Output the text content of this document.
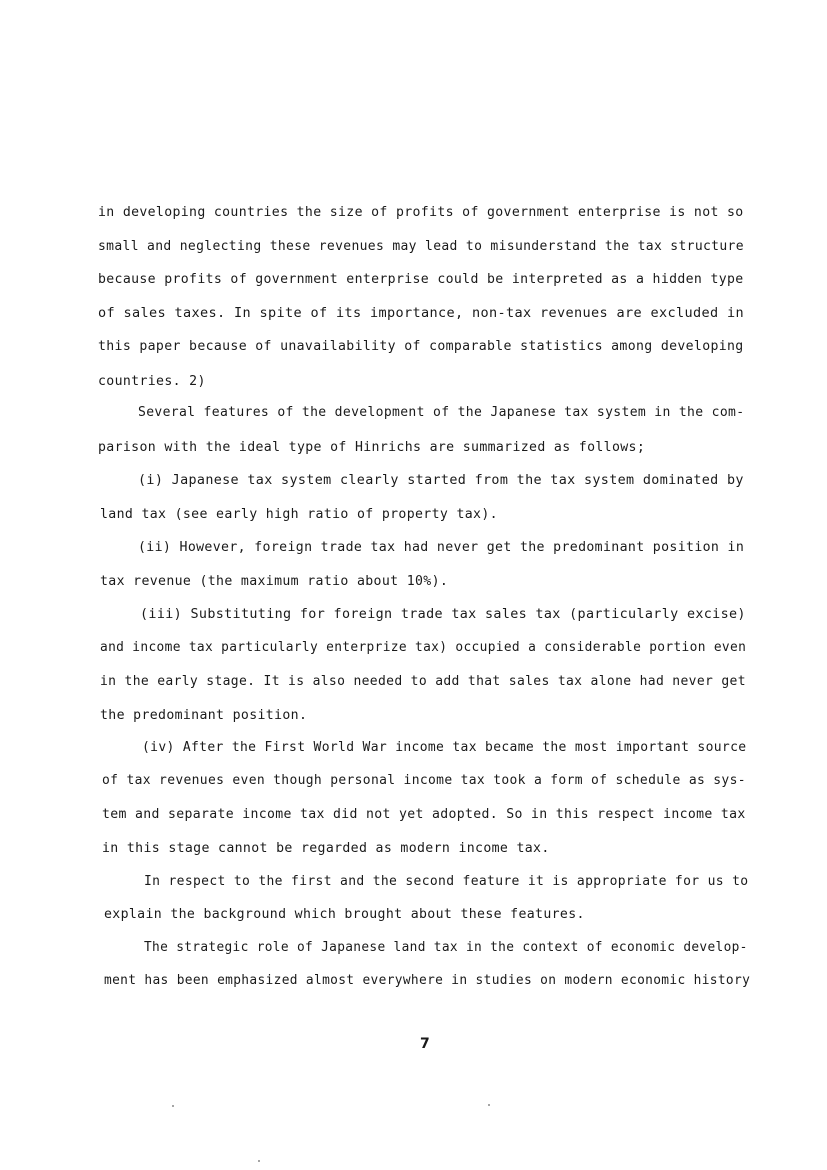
in developing countries the size of profits of government enterprise is not so
small and neglecting these revenues may lead to misunderstand the tax structure
because profits of government enterprise could be interpreted as a hidden type
of sales taxes. In spite of its importance, non-tax revenues are excluded in
this paper because of unavailability of comparable statistics among developing
countries. 2)
Several features of the development of the Japanese tax system in the com-
parison with the ideal type of Hinrichs are summarized as follows;
(i) Japanese tax system clearly started from the tax system dominated by
land tax (see early high ratio of property tax).
(ii) However, foreign trade tax had never get the predominant position in
tax revenue (the maximum ratio about 10%).
(iii) Substituting for foreign trade tax sales tax (particularly excise)
and income tax particularly enterprize tax) occupied a considerable portion even
in the early stage. It is also needed to add that sales tax alone had never get
the predominant position.
(iv) After the First World War income tax became the most important source
of tax revenues even though personal income tax took a form of schedule as sys-
tem and separate income tax did not yet adopted. So in this respect income tax
in this stage cannot be regarded as modern income tax.
In respect to the first and the second feature it is appropriate for us to
explain the background which brought about these features.
The strategic role of Japanese land tax in the context of economic develop-
ment has been emphasized almost everywhere in studies on modern economic history
7
